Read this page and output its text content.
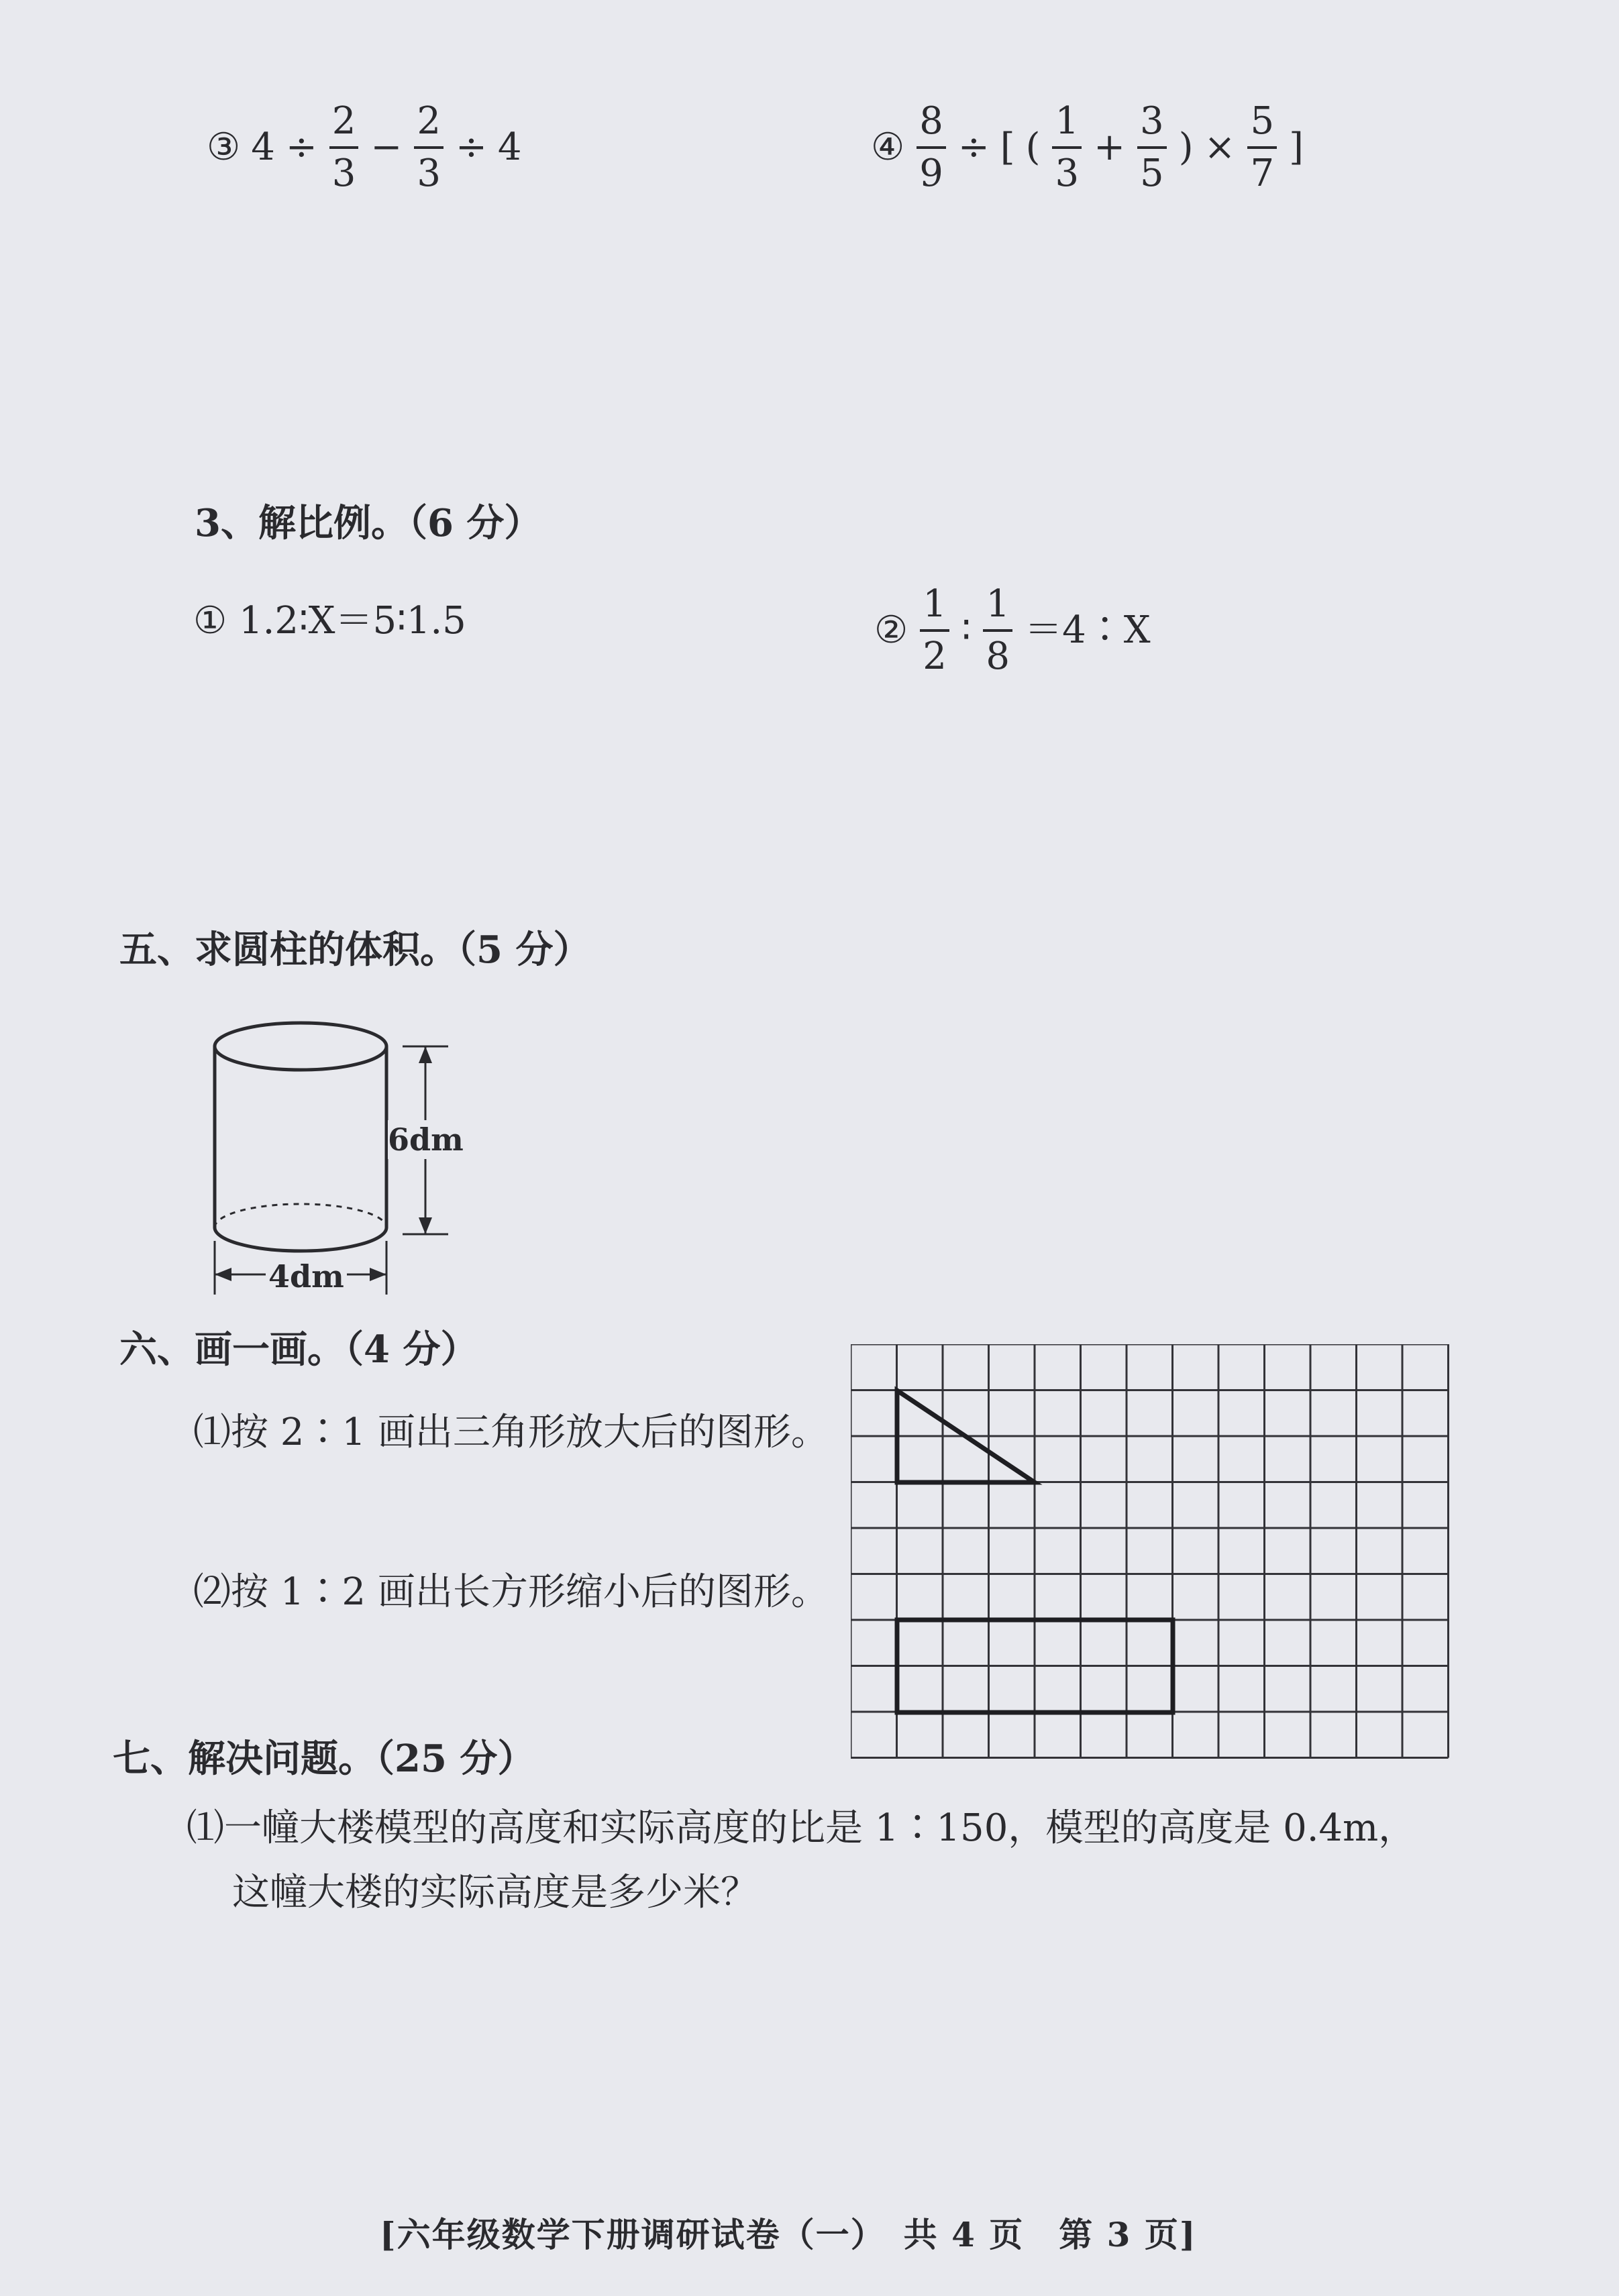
③ $4 \div \frac{2}{3} - \frac{2}{3} \div 4$	④ $\frac{8}{9}$ ÷ [ ( $\frac{1}{3} + \frac{3}{5}$ ) × $\frac{5}{7}$ ]
3、解比例。（6 分）
① 1.2∶X＝5∶1.5	② $\frac{1}{2}$ ∶ $\frac{1}{8}$ ＝4∶X
五、求圆柱的体积。（5 分）
6dm
4dm
六、画一画。（4 分）
⑴按 2∶1 画出三角形放大后的图形。
⑵按 1∶2 画出长方形缩小后的图形。
七、解决问题。（25 分）
⑴一幢大楼模型的高度和实际高度的比是 1∶150，模型的高度是 0.4m，
这幢大楼的实际高度是多少米？
[六年级数学下册调研试卷（一）　共 4 页　第 3 页]
